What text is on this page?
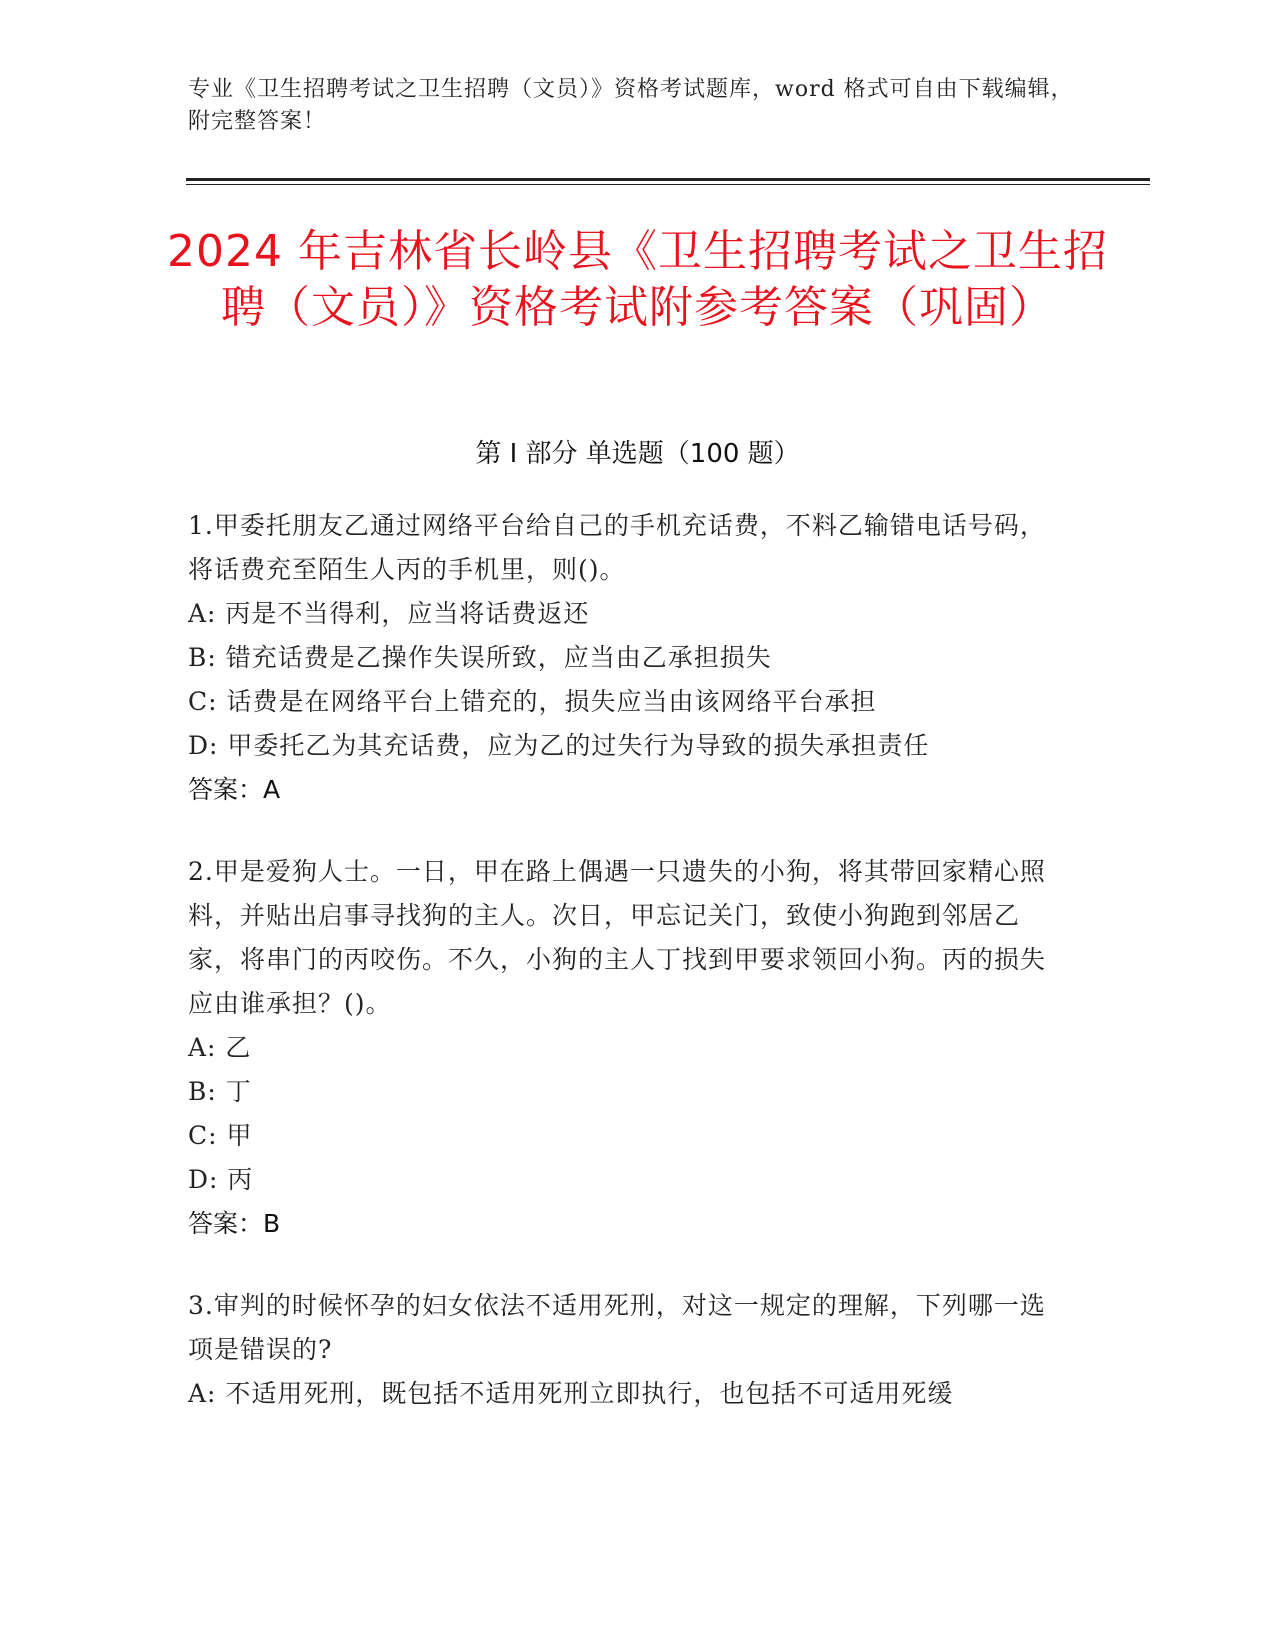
专业《卫生招聘考试之卫生招聘（文员）》资格考试题库，word 格式可自由下载编辑，附完整答案！
2024 年吉林省长岭县《卫生招聘考试之卫生招聘（文员）》资格考试附参考答案（巩固）
第 I 部分 单选题（100 题）
1.甲委托朋友乙通过网络平台给自己的手机充话费，不料乙输错电话号码，将话费充至陌生人丙的手机里，则()。
A: 丙是不当得利，应当将话费返还
B: 错充话费是乙操作失误所致，应当由乙承担损失
C: 话费是在网络平台上错充的，损失应当由该网络平台承担
D: 甲委托乙为其充话费，应为乙的过失行为导致的损失承担责任
答案：A
2.甲是爱狗人士。一日，甲在路上偶遇一只遗失的小狗，将其带回家精心照料，并贴出启事寻找狗的主人。次日，甲忘记关门，致使小狗跑到邻居乙家，将串门的丙咬伤。不久，小狗的主人丁找到甲要求领回小狗。丙的损失应由谁承担？()。
A: 乙
B: 丁
C: 甲
D: 丙
答案：B
3.审判的时候怀孕的妇女依法不适用死刑，对这一规定的理解，下列哪一选项是错误的?
A: 不适用死刑，既包括不适用死刑立即执行，也包括不可适用死缓
